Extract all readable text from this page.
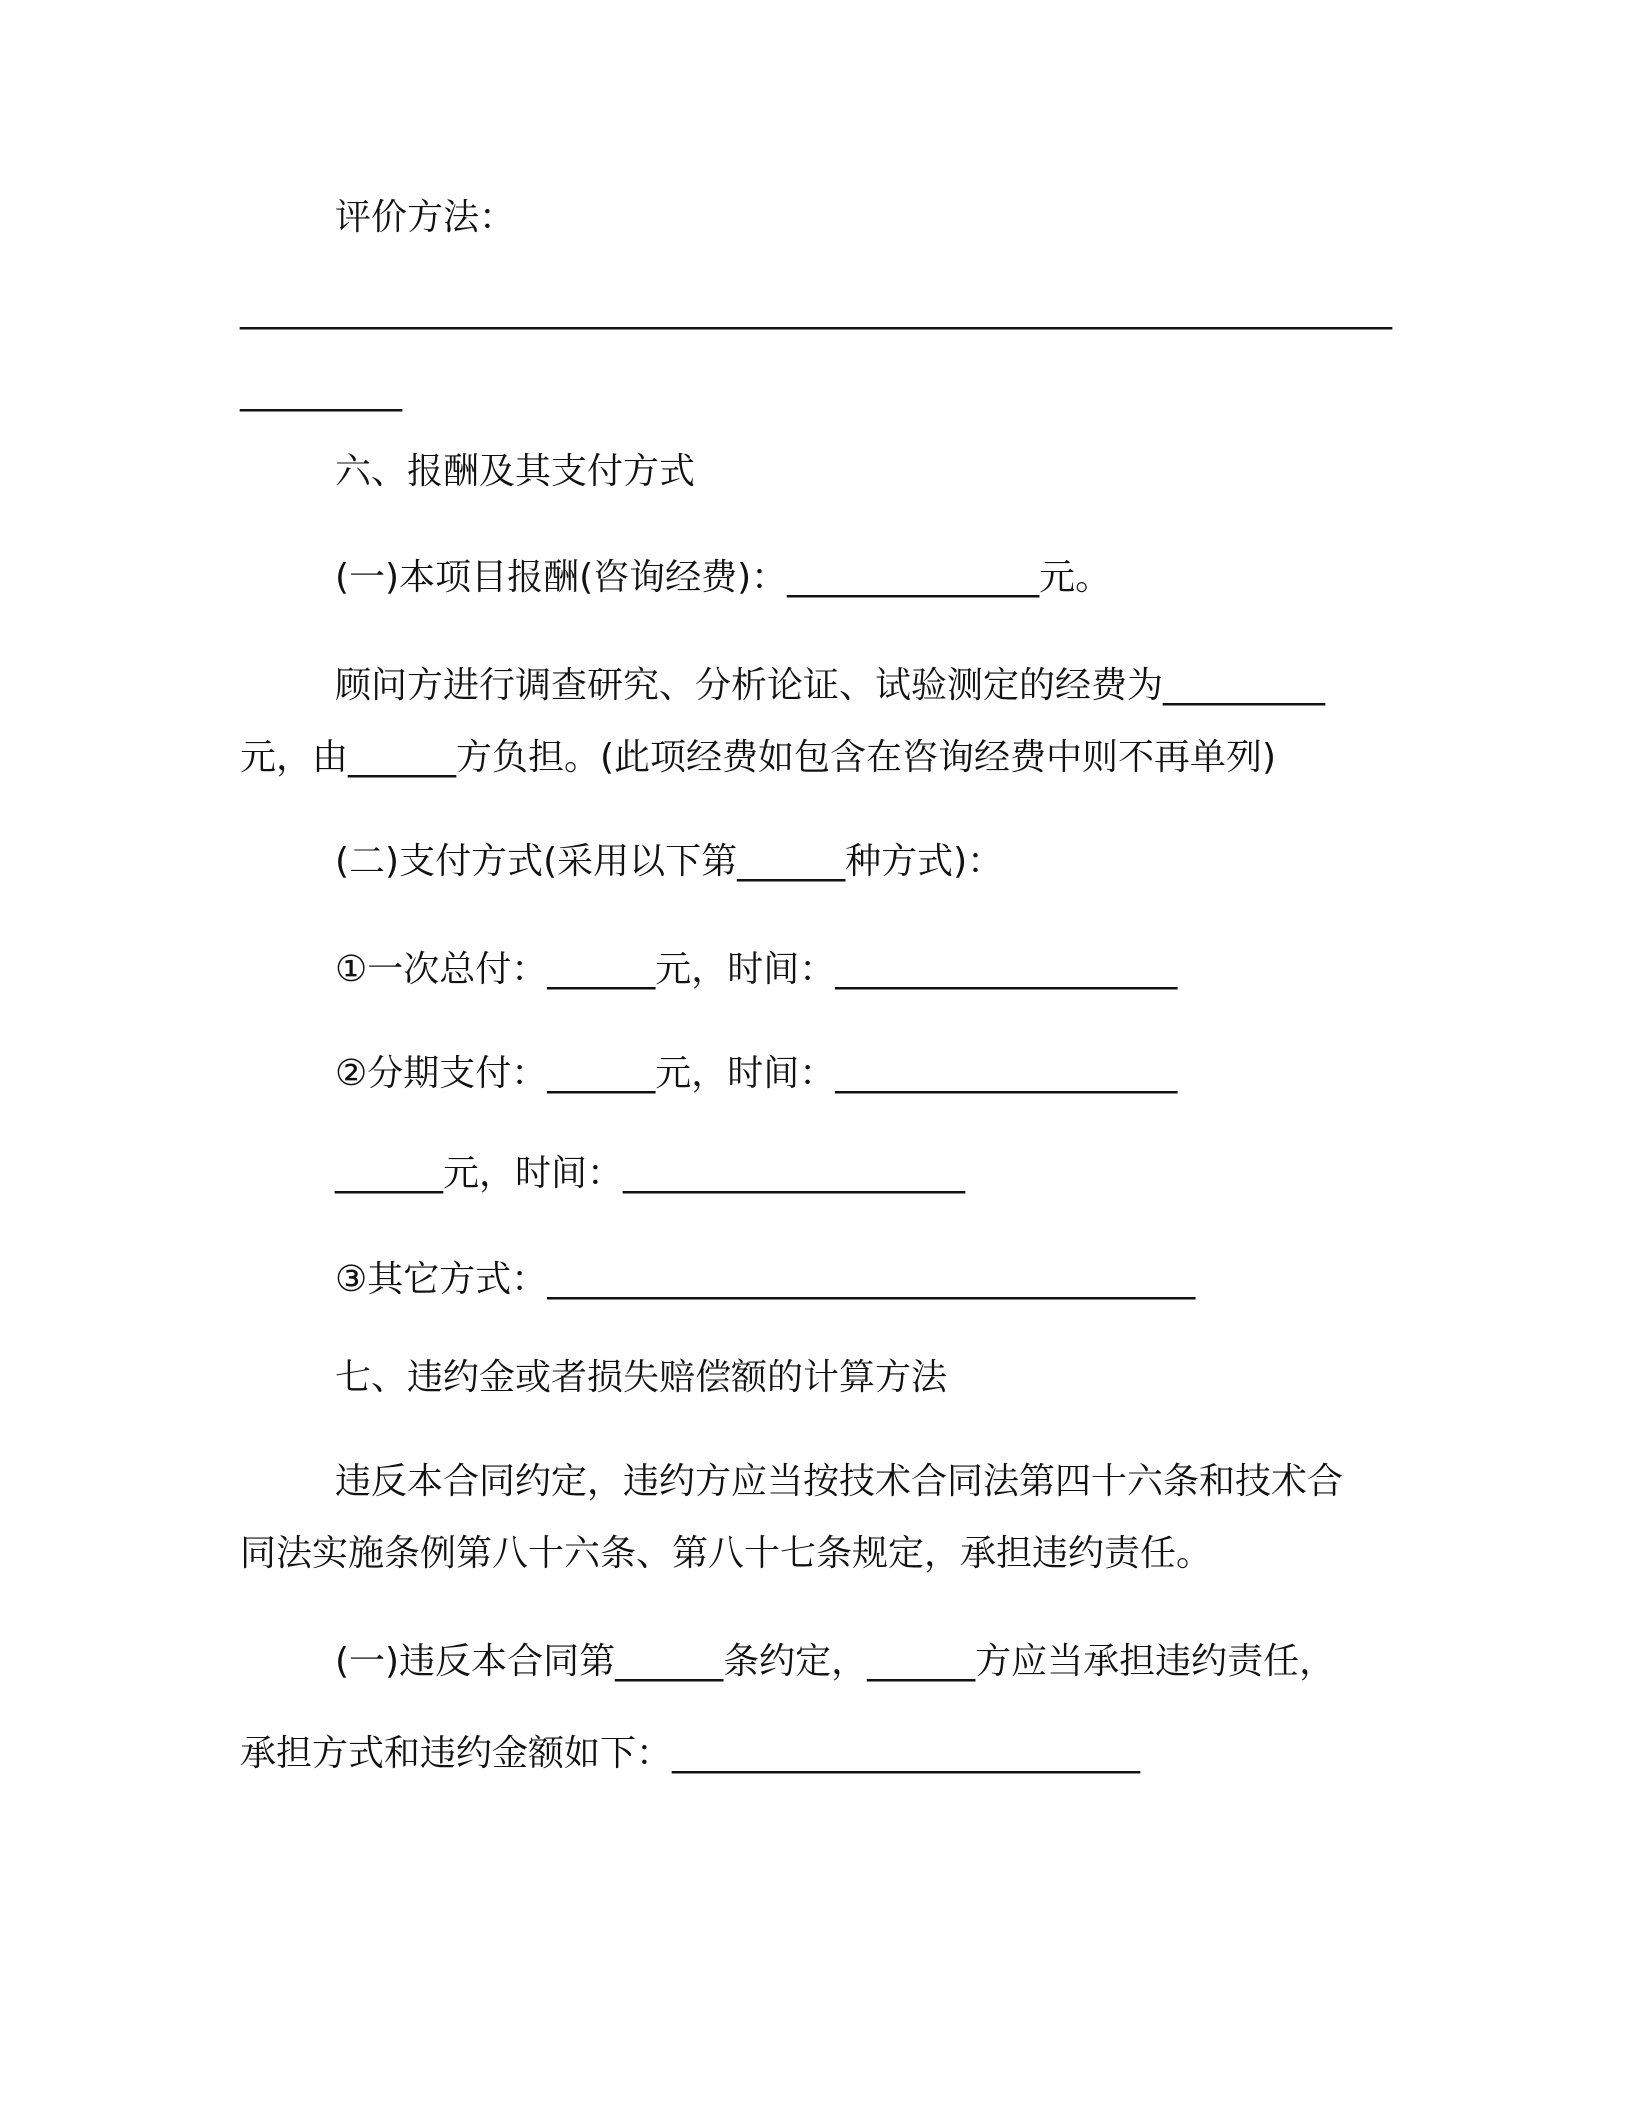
评价方法：
________________________________________________________________
_________
六、报酬及其支付方式
(一)本项目报酬(咨询经费)：______________元。
顾问方进行调查研究、分析论证、试验测定的经费为_________
元，由______方负担。(此项经费如包含在咨询经费中则不再单列)
(二)支付方式(采用以下第______种方式)：
①一次总付：______元，时间：___________________
②分期支付：______元，时间：___________________
______元，时间：___________________
③其它方式：____________________________________
七、违约金或者损失赔偿额的计算方法
违反本合同约定，违约方应当按技术合同法第四十六条和技术合
同法实施条例第八十六条、第八十七条规定，承担违约责任。
(一)违反本合同第______条约定，______方应当承担违约责任，
承担方式和违约金额如下：__________________________
